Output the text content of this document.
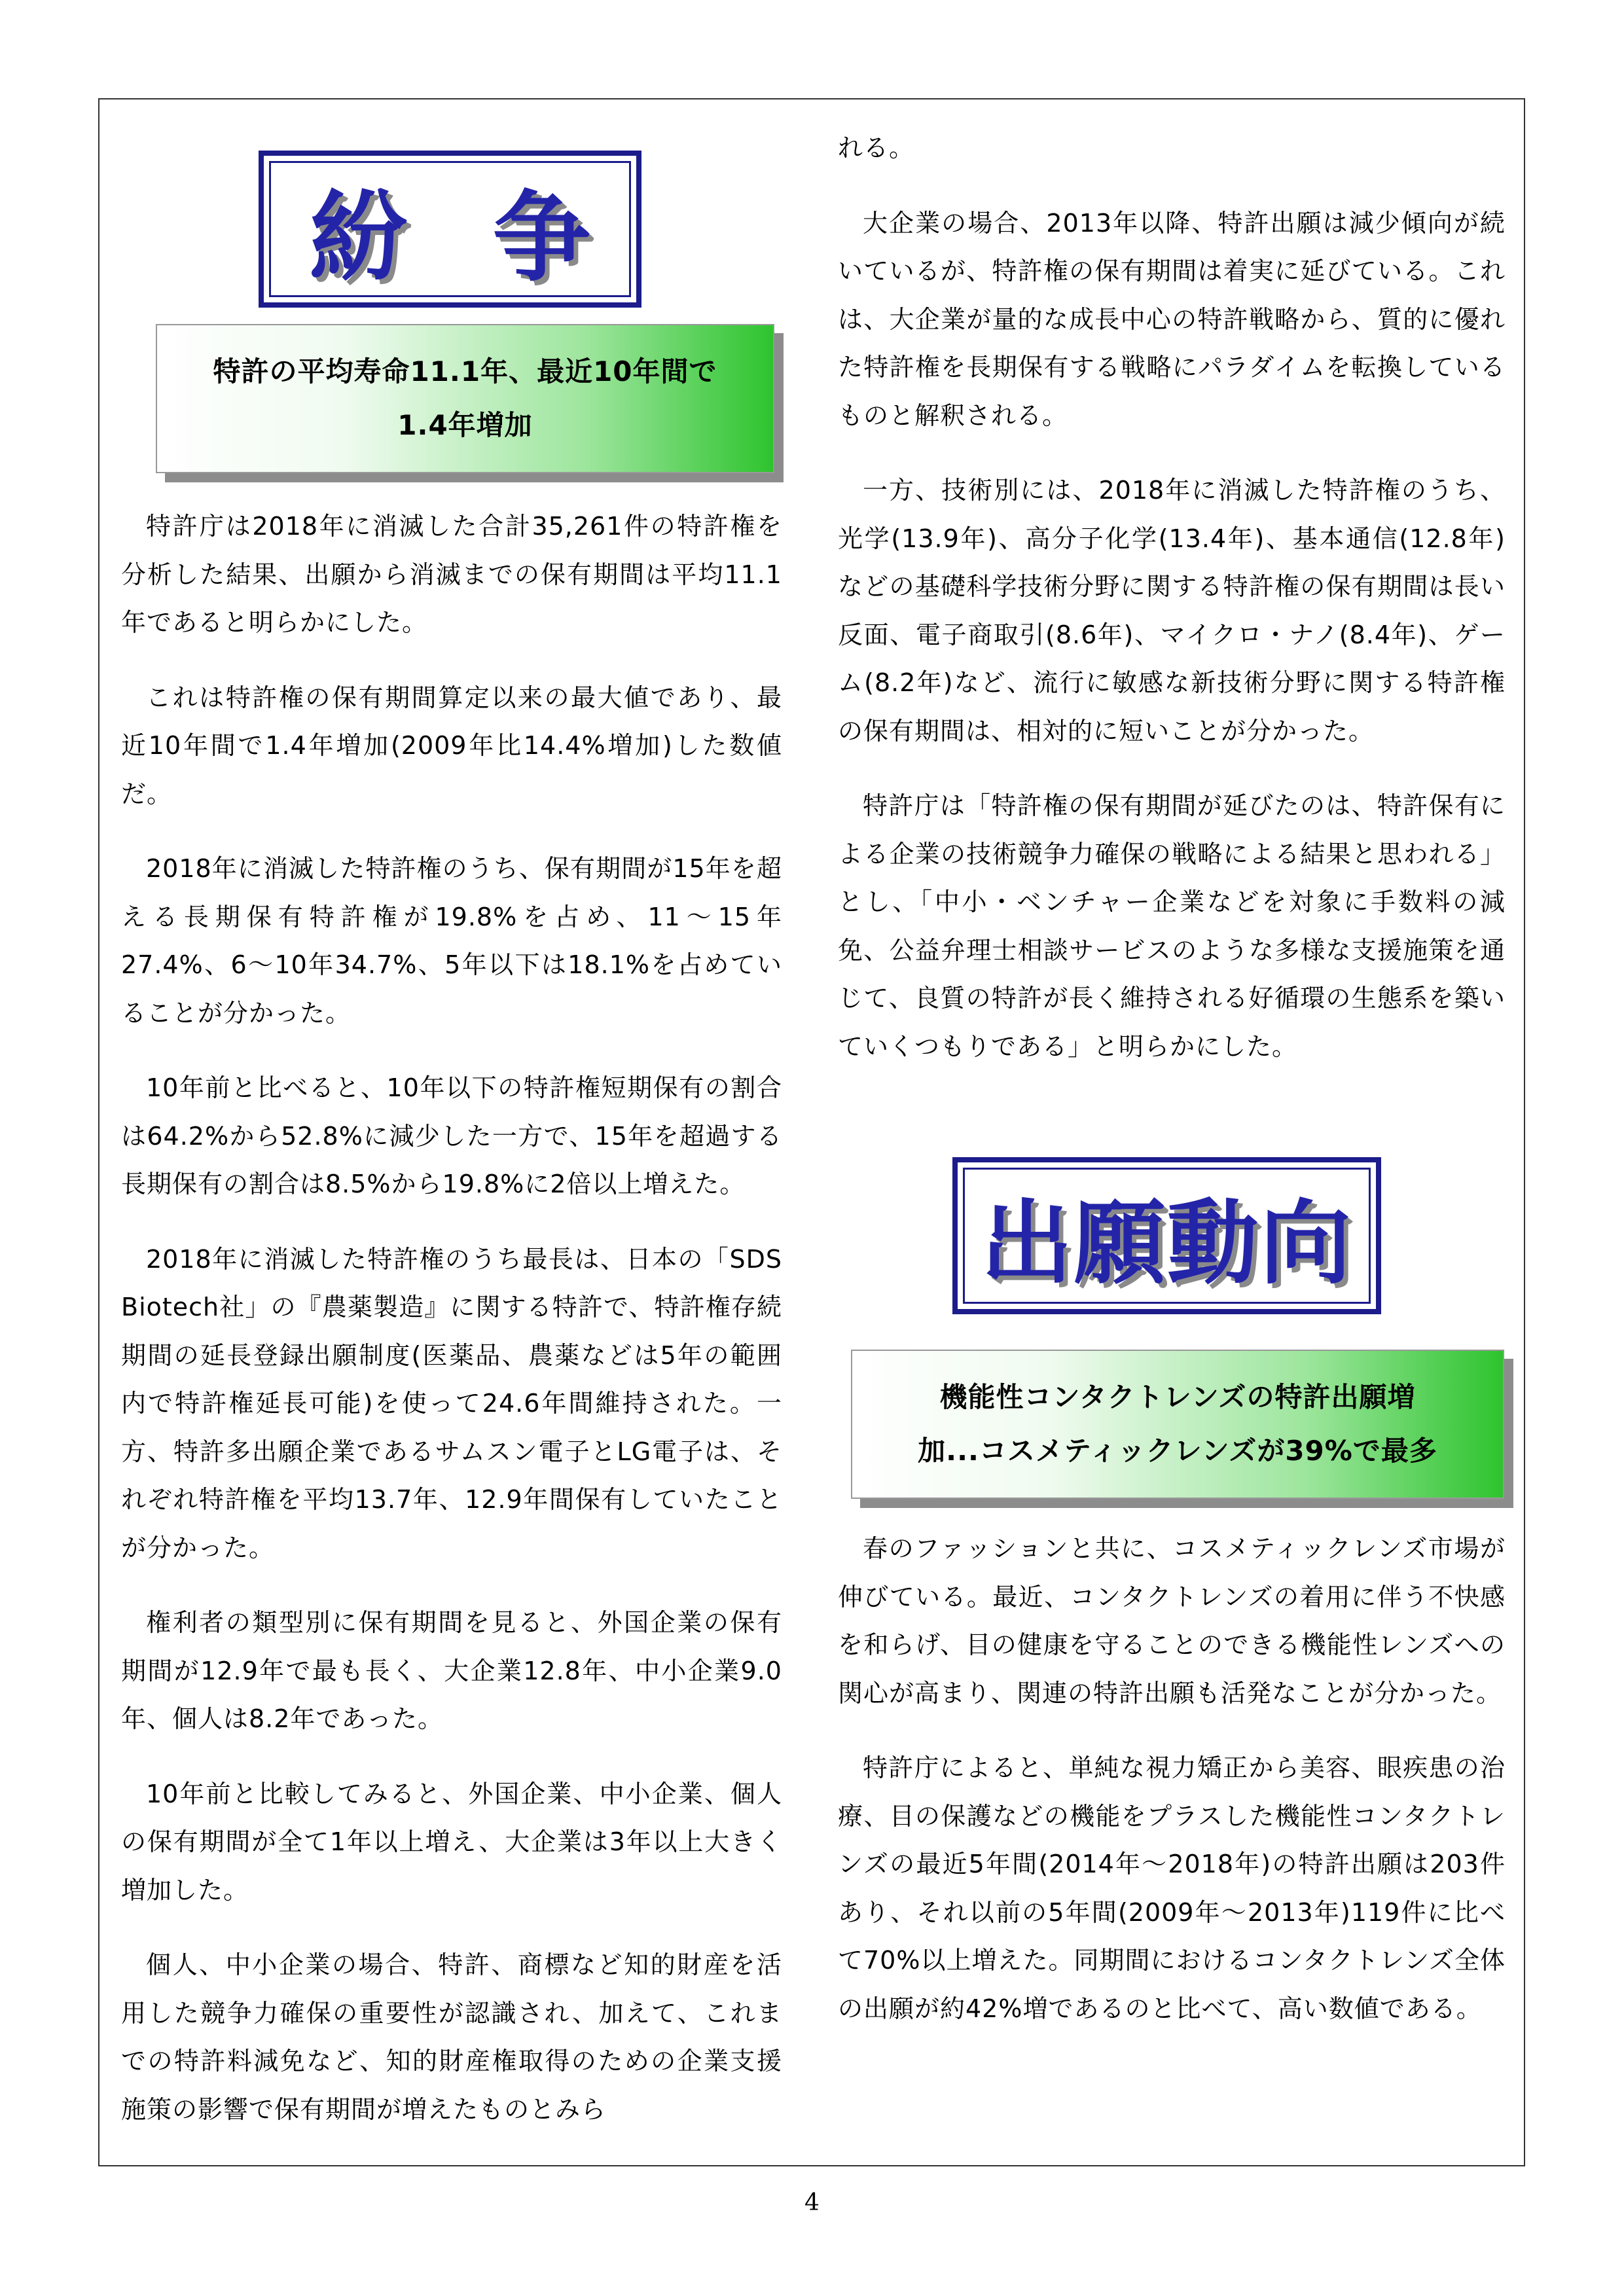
紛 争
特許の平均寿命11.1年、最近10年間で
1.4年増加

特許庁は2018年に消滅した合計35,261件の特許権を分析した結果、出願から消滅までの保有期間は平均11.1年であると明らかにした。

これは特許権の保有期間算定以来の最大値であり、最近10年間で1.4年増加(2009年比14.4%増加)した数値だ。

2018年に消滅した特許権のうち、保有期間が15年を超える長期保有特許権が19.8%を占め、11～15年27.4%、6～10年34.7%、5年以下は18.1%を占めていることが分かった。

10年前と比べると、10年以下の特許権短期保有の割合は64.2%から52.8%に減少した一方で、15年を超過する長期保有の割合は8.5%から19.8%に2倍以上増えた。

2018年に消滅した特許権のうち最長は、日本の「SDS Biotech社」の『農薬製造』に関する特許で、特許権存続期間の延長登録出願制度(医薬品、農薬などは5年の範囲内で特許権延長可能)を使って24.6年間維持された。一方、特許多出願企業であるサムスン電子とLG電子は、それぞれ特許権を平均13.7年、12.9年間保有していたことが分かった。

権利者の類型別に保有期間を見ると、外国企業の保有期間が12.9年で最も長く、大企業12.8年、中小企業9.0年、個人は8.2年であった。

10年前と比較してみると、外国企業、中小企業、個人の保有期間が全て1年以上増え、大企業は3年以上大きく増加した。

個人、中小企業の場合、特許、商標など知的財産を活用した競争力確保の重要性が認識され、加えて、これまでの特許料減免など、知的財産権取得のための企業支援施策の影響で保有期間が増えたものとみら

れる。

大企業の場合、2013年以降、特許出願は減少傾向が続いているが、特許権の保有期間は着実に延びている。これは、大企業が量的な成長中心の特許戦略から、質的に優れた特許権を長期保有する戦略にパラダイムを転換しているものと解釈される。

一方、技術別には、2018年に消滅した特許権のうち、光学(13.9年)、高分子化学(13.4年)、基本通信(12.8年)などの基礎科学技術分野に関する特許権の保有期間は長い反面、電子商取引(8.6年)、マイクロ・ナノ(8.4年)、ゲーム(8.2年)など、流行に敏感な新技術分野に関する特許権の保有期間は、相対的に短いことが分かった。

特許庁は「特許権の保有期間が延びたのは、特許保有による企業の技術競争力確保の戦略による結果と思われる」とし、「中小・ベンチャー企業などを対象に手数料の減免、公益弁理士相談サービスのような多様な支援施策を通じて、良質の特許が長く維持される好循環の生態系を築いていくつもりである」と明らかにした。

出願動向
機能性コンタクトレンズの特許出願増
加...コスメティックレンズが39%で最多

春のファッションと共に、コスメティックレンズ市場が伸びている。最近、コンタクトレンズの着用に伴う不快感を和らげ、目の健康を守ることのできる機能性レンズへの関心が高まり、関連の特許出願も活発なことが分かった。

特許庁によると、単純な視力矯正から美容、眼疾患の治療、目の保護などの機能をプラスした機能性コンタクトレンズの最近5年間(2014年～2018年)の特許出願は203件あり、それ以前の5年間(2009年～2013年)119件に比べて70%以上増えた。同期間におけるコンタクトレンズ全体の出願が約42%増であるのと比べて、高い数値である。

4
